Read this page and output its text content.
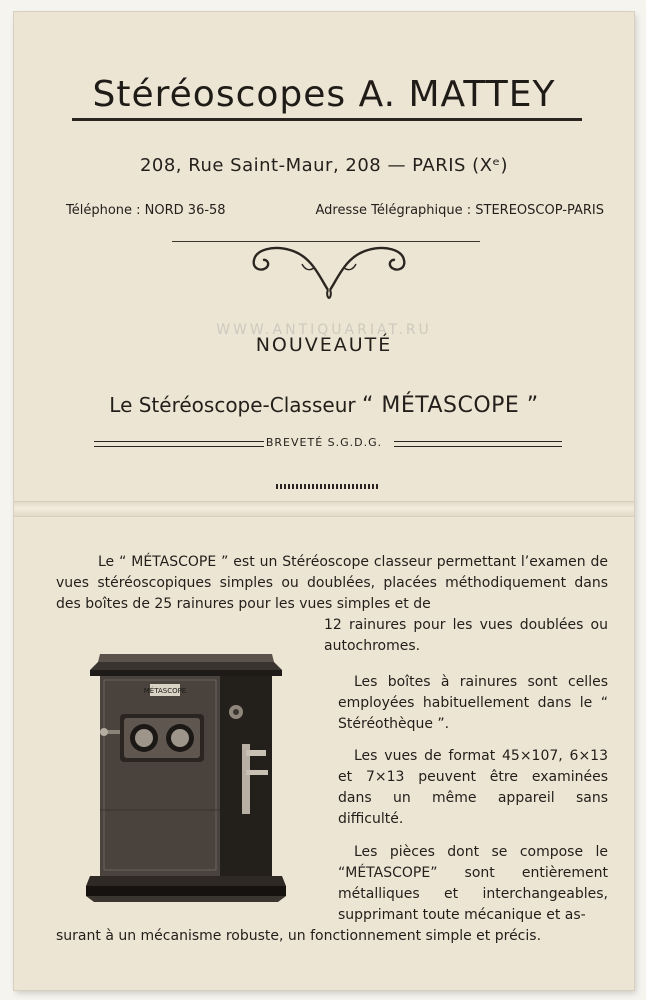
Stéréoscopes A. MATTEY
208, Rue Saint-Maur, 208 — PARIS (Xᵉ)
Téléphone : NORD 36-58	Adresse Télégraphique : STEREOSCOP-PARIS
WWW.ANTIQUARIAT.RU
NOUVEAUTÉ
Le Stéréoscope-Classeur “ MÉTASCOPE ”
BREVETÉ S.G.D.G.
Le “ MÉTASCOPE ” est un Stéréoscope classeur permettant l’examen de vues stéréoscopiques simples ou doublées, placées méthodiquement dans des boîtes de 25 rainures pour les vues simples et de
12 rainures pour les vues doublées ou autochromes.
MÉTASCOPE
Les boîtes à rainures sont celles employées habituellement dans le “ Stéréothèque ”.
Les vues de format 45×107, 6×13 et 7×13 peuvent être examinées dans un même appareil sans difficulté.
Les pièces dont se compose le “MÉTASCOPE” sont entièrement métalliques et interchangeables, supprimant toute mécanique et as-
surant à un mécanisme robuste, un fonctionnement simple et précis.
